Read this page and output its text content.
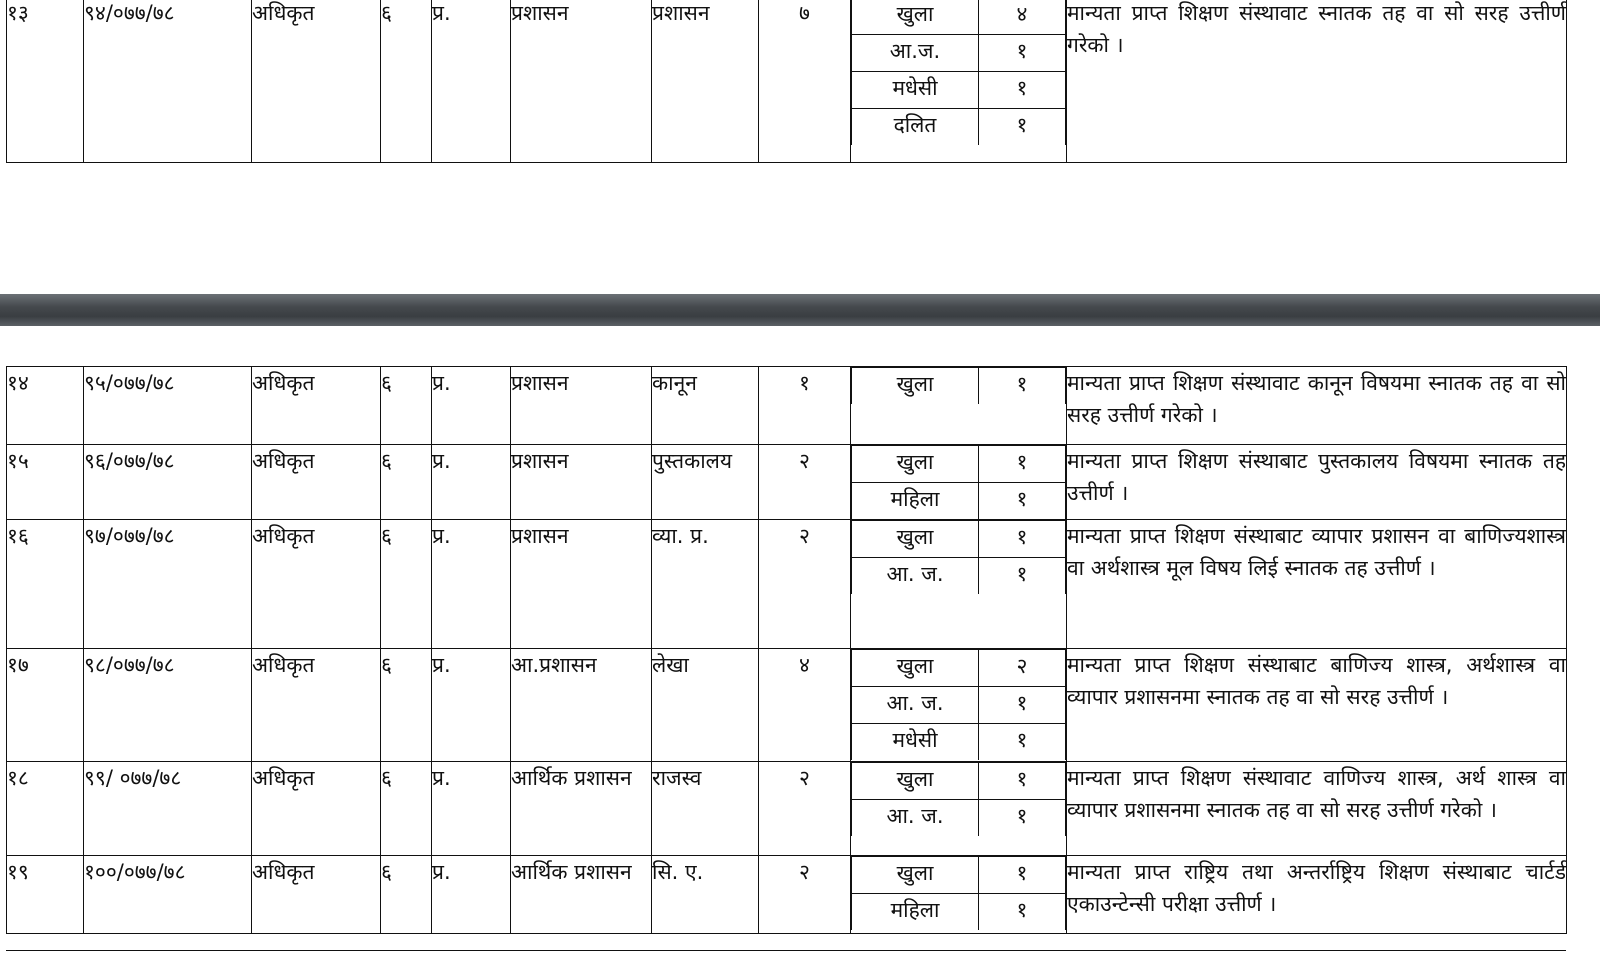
१३	९४/०७७/७८	अधिकृत	६	प्र.	प्रशासन	प्रशासन	७		खुला	४
आ.ज.	१
मधेसी	१
दलित	१
	मान्यता प्राप्त शिक्षण संस्थावाट स्नातक तह वा सो सरह उत्तीर्ण गरेको ।
१४	९५/०७७/७८	अधिकृत	६	प्र.	प्रशासन	कानून	१		खुला	१
	मान्यता प्राप्त शिक्षण संस्थावाट कानून विषयमा स्नातक तह वा सो सरह उत्तीर्ण गरेको ।
१५	९६/०७७/७८	अधिकृत	६	प्र.	प्रशासन	पुस्तकालय	२		खुला	१
महिला	१
	मान्यता प्राप्त शिक्षण संस्थाबाट पुस्तकालय विषयमा स्नातक तह उत्तीर्ण ।
१६	९७/०७७/७८	अधिकृत	६	प्र.	प्रशासन	व्या. प्र.	२		खुला	१
आ. ज.	१
	मान्यता प्राप्त शिक्षण संस्थाबाट व्यापार प्रशासन वा बाणिज्यशास्त्र वा अर्थशास्त्र मूल विषय लिई स्नातक तह उत्तीर्ण ।
१७	९८/०७७/७८	अधिकृत	६	प्र.	आ.प्रशासन	लेखा	४		खुला	२
आ. ज.	१
मधेसी	१
	मान्यता प्राप्त शिक्षण संस्थाबाट बाणिज्य शास्त्र, अर्थशास्त्र वा व्यापार प्रशासनमा स्नातक तह वा सो सरह उत्तीर्ण ।
१८	९९/ ०७७/७८	अधिकृत	६	प्र.	आर्थिक प्रशासन	राजस्व	२		खुला	१
आ. ज.	१
	मान्यता प्राप्त शिक्षण संस्थावाट वाणिज्य शास्त्र, अर्थ शास्त्र वा व्यापार प्रशासनमा स्नातक तह वा सो सरह उत्तीर्ण गरेको ।
१९	१००/०७७/७८	अधिकृत	६	प्र.	आर्थिक प्रशासन	सि. ए.	२		खुला	१
महिला	१
	मान्यता प्राप्त राष्ट्रिय तथा अन्तर्राष्ट्रिय शिक्षण संस्थाबाट चार्टर्ड एकाउन्टेन्सी परीक्षा उत्तीर्ण ।
